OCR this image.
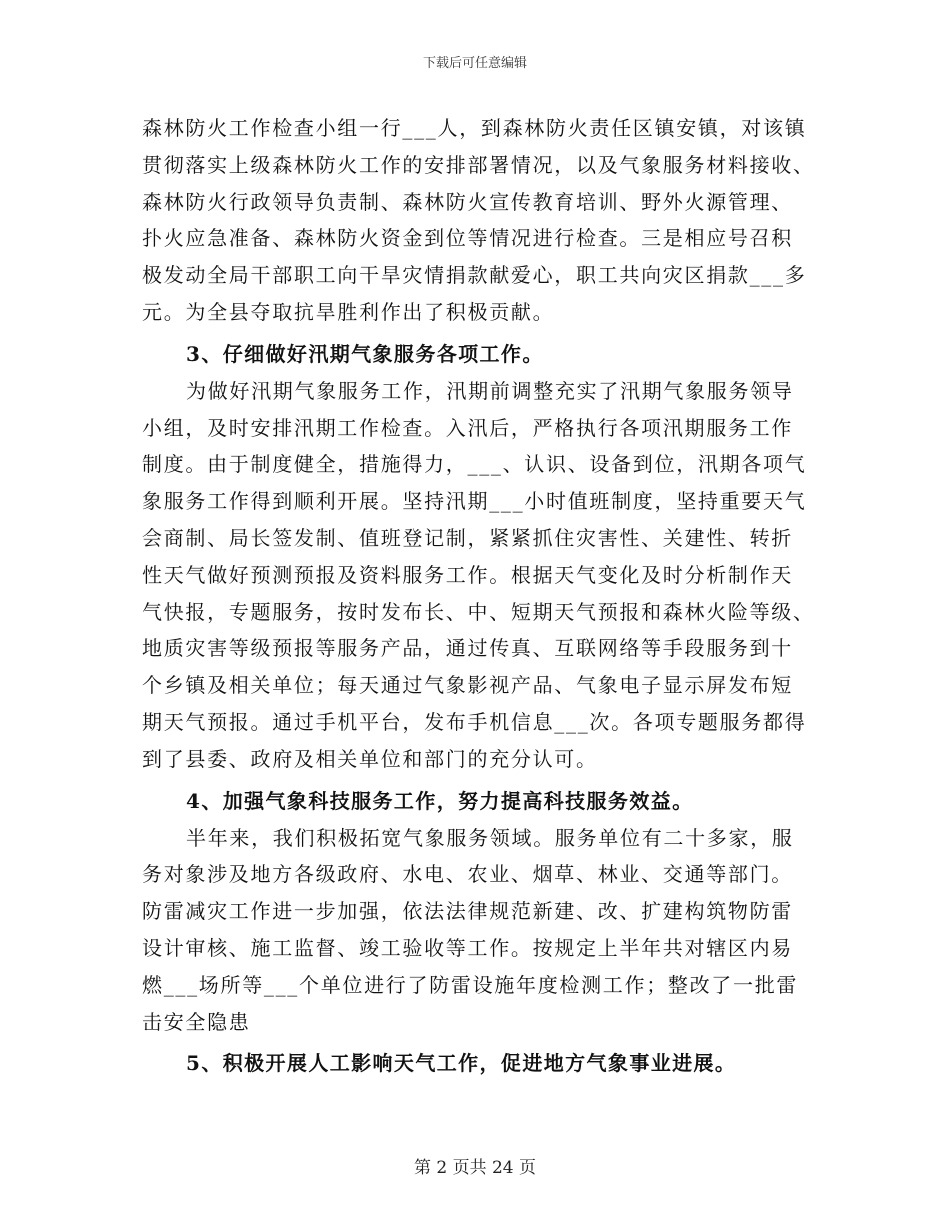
下载后可任意编辑
森林防火工作检查小组一行___人，到森林防火责任区镇安镇，对该镇
贯彻落实上级森林防火工作的安排部署情况，以及气象服务材料接收、
森林防火行政领导负责制、森林防火宣传教育培训、野外火源管理、
扑火应急准备、森林防火资金到位等情况进行检查。三是相应号召积
极发动全局干部职工向干旱灾情捐款献爱心，职工共向灾区捐款___多
元。为全县夺取抗旱胜利作出了积极贡献。
3、仔细做好汛期气象服务各项工作。
为做好汛期气象服务工作，汛期前调整充实了汛期气象服务领导
小组，及时安排汛期工作检查。入汛后，严格执行各项汛期服务工作
制度。由于制度健全，措施得力，___、认识、设备到位，汛期各项气
象服务工作得到顺利开展。坚持汛期___小时值班制度，坚持重要天气
会商制、局长签发制、值班登记制，紧紧抓住灾害性、关建性、转折
性天气做好预测预报及资料服务工作。根据天气变化及时分析制作天
气快报，专题服务，按时发布长、中、短期天气预报和森林火险等级、
地质灾害等级预报等服务产品，通过传真、互联网络等手段服务到十
个乡镇及相关单位；每天通过气象影视产品、气象电子显示屏发布短
期天气预报。通过手机平台，发布手机信息___次。各项专题服务都得
到了县委、政府及相关单位和部门的充分认可。
4、加强气象科技服务工作，努力提高科技服务效益。
半年来，我们积极拓宽气象服务领域。服务单位有二十多家，服
务对象涉及地方各级政府、水电、农业、烟草、林业、交通等部门。
防雷减灾工作进一步加强，依法法律规范新建、改、扩建构筑物防雷
设计审核、施工监督、竣工验收等工作。按规定上半年共对辖区内易
燃___场所等___个单位进行了防雷设施年度检测工作；整改了一批雷
击安全隐患
5、积极开展人工影响天气工作，促进地方气象事业进展。
第 2 页共 24 页
